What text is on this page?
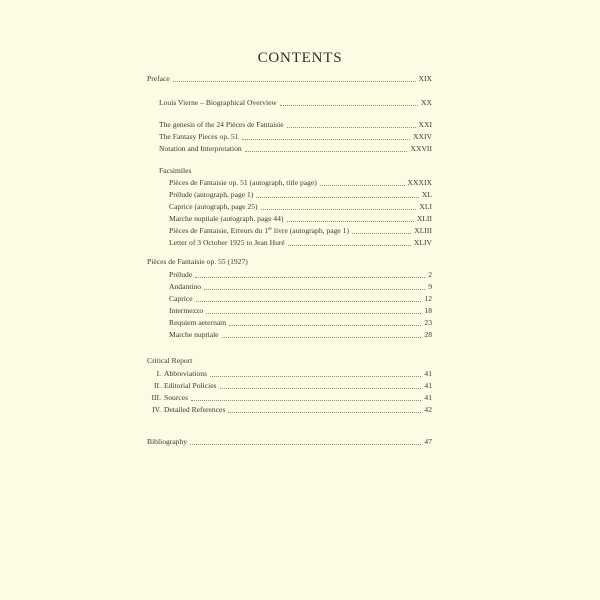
CONTENTS
Preface	XIX
Louis Vierne – Biographical Overview	XX
The genesis of the 24 Pièces de Fantaisie	XXI
The Fantasy Pieces op. 51	XXIV
Notation and Interpretation	XXVII
Facsimiles
Pièces de Fantaisie op. 51 (autograph, title page)	XXXIX
Prélude (autograph, page 1)	XL
Caprice (autograph, page 25)	XLI
Marche nuptiale (autograph, page 44)	XLII
Pièces de Fantaisie, Erreurs du 1er livre (autograph, page 1)	XLIII
Letter of 3 October 1925 to Jean Huré	XLIV
Pièces de Fantaisie op. 55 (1927)
Prélude	2
Andantino	9
Caprice	12
Intermezzo	18
Requiem aeternam	23
Marche nuptiale	28
Critical Report
I. Abbreviations	41
II. Editorial Policies	41
III. Sources	41
IV. Detailed References	42
Bibliography	47
